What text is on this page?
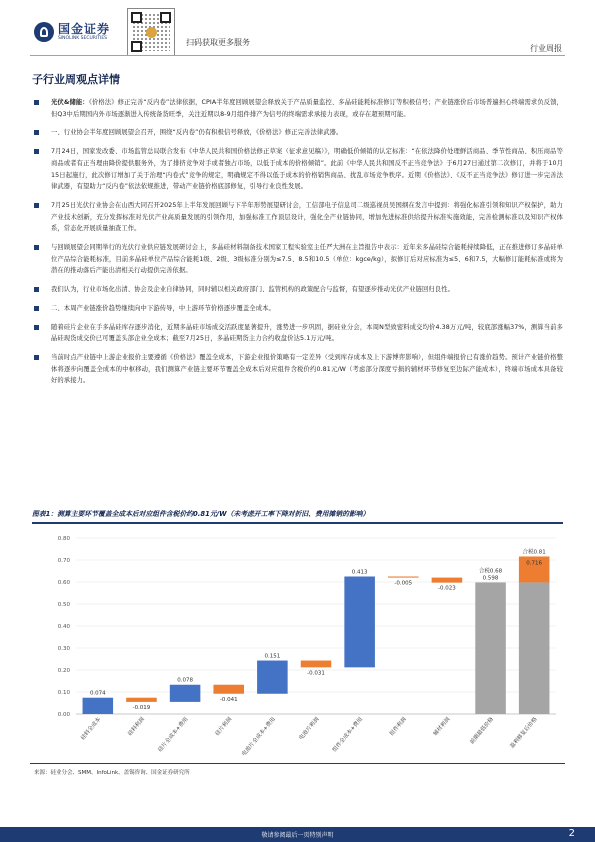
国金证券
SINOLINK SECURITIES	扫码获取更多服务
行业周报
子行业周观点详情
光伏&储能：《价格法》修正完善“反内卷”法律依据，CPIA半年度回顾展望会释放关于产品质量监控、多晶硅能耗标准修订等积极信号；产业链涨价后市场普遍担心终端需求负反馈，但Q3中后期国内外市场逐渐进入传统备货旺季，关注近期以8-9月组件排产为信号的终端需求承接力表现，或存在超预期可能。
一、行业协会半年度回顾展望会召开，围绕“反内卷”仍有积极信号释放，《价格法》修正完善法律武器。
7月24日，国家发改委、市场监管总局联合发布《中华人民共和国价格法修正草案（征求意见稿）》，明确低价倾销的认定标准：“在依法降价处理鲜活商品、季节性商品、积压商品等商品或者有正当理由降价提供服务外，为了排挤竞争对手或者独占市场，以低于成本的价格倾销”。此前《中华人民共和国反不正当竞争法》于6月27日通过第二次修订，并将于10月15日起施行，此次修订增加了关于治理“内卷式”竞争的规定，明确规定不得以低于成本的价格销售商品、扰乱市场竞争秩序。近期《价格法》、《反不正当竞争法》修订进一步完善法律武器，有望助力“反内卷”依法依规推进，带动产业链价格底部修复，引导行业良性发展。
7月25日光伏行业协会在山西大同召开2025年上半年发展回顾与下半年形势展望研讨会，工信部电子信息司二级巡视员吴国纲在发言中提到：将强化标准引领和知识产权保护，助力产业技术创新，充分发挥标准对光伏产业高质量发展的引领作用，加强标准工作顶层设计，强化全产业链协同，增加先进标准供给提升标准实施效能，完善检测标准以及知识产权体系，常态化开展质量抽查工作。
与回顾展望会同期举行的光伏行业供应链发展研讨会上，多晶硅材料制备技术国家工程实验室主任严大洲在主旨报告中表示：近年来多晶硅综合能耗持续降低，正在推进修订多晶硅单位产品综合能耗标准，目前多晶硅单位产品综合能耗1级、2级、3级标准分别为≤7.5、8.5和10.5（单位：kgce/kg），拟修订后对应标准为≤5、6和7.5，大幅修订能耗标准或将为潜在的推动落后产能出清相关行动提供完善依据。
我们认为，行业市场化出清、协会及企业自律协同，同时辅以相关政府部门、监管机构的政策配合与监督，有望逐步推动光伏产业链回归良性。
二、本周产业链涨价趋势继续向中下游传导，中上游环节价格逐步覆盖全成本。
随着硅片企业在手多晶硅库存逐步消化，近期多晶硅市场成交活跃度显著提升，涨势进一步巩固，据硅业分会，本周N型致密料成交均价4.38万元/吨，较底部涨幅37%，测算当前多晶硅现货成交价已可覆盖头部企业全成本；截至7月25日，多晶硅期货主力合约收盘价达5.1万元/吨。
当前时点产业链中上游企业报价主要遵循《价格法》覆盖全成本，下游企业报价策略有一定差异（受到库存成本及上下游博弈影响），但组件端报价已有涨价趋势。预计产业链价格整体将逐步向覆盖全成本的中枢移动，我们测算产业链主要环节覆盖全成本后对应组件含税价约0.81元/W（考虑部分深度亏损的辅材环节修复至边际产能成本），终端市场成本具备较好的承接力。
图表1：测算主要环节覆盖全成本后对应组件含税价约0.81元/W（未考虑开工率下降对折旧、费用摊销的影响）
0.00
0.10
0.20
0.30
0.40
0.50
0.60
0.70
0.80
0.074
硅料全成本
-0.019
硅料利润
0.078
硅片全成本+费用
-0.041
硅片利润
0.151
电池片全成本+费用
-0.031
电池片利润
0.413
组件全成本+费用
-0.005
组件利润
-0.023
辅材利润
0.598
合税0.68
前期最低价格
0.716
合税0.81
盈利修复后价格
来源：硅业分会、SMM、InfoLink、盖锡咨询、国金证券研究所
敬请参阅最后一页特别声明	2
